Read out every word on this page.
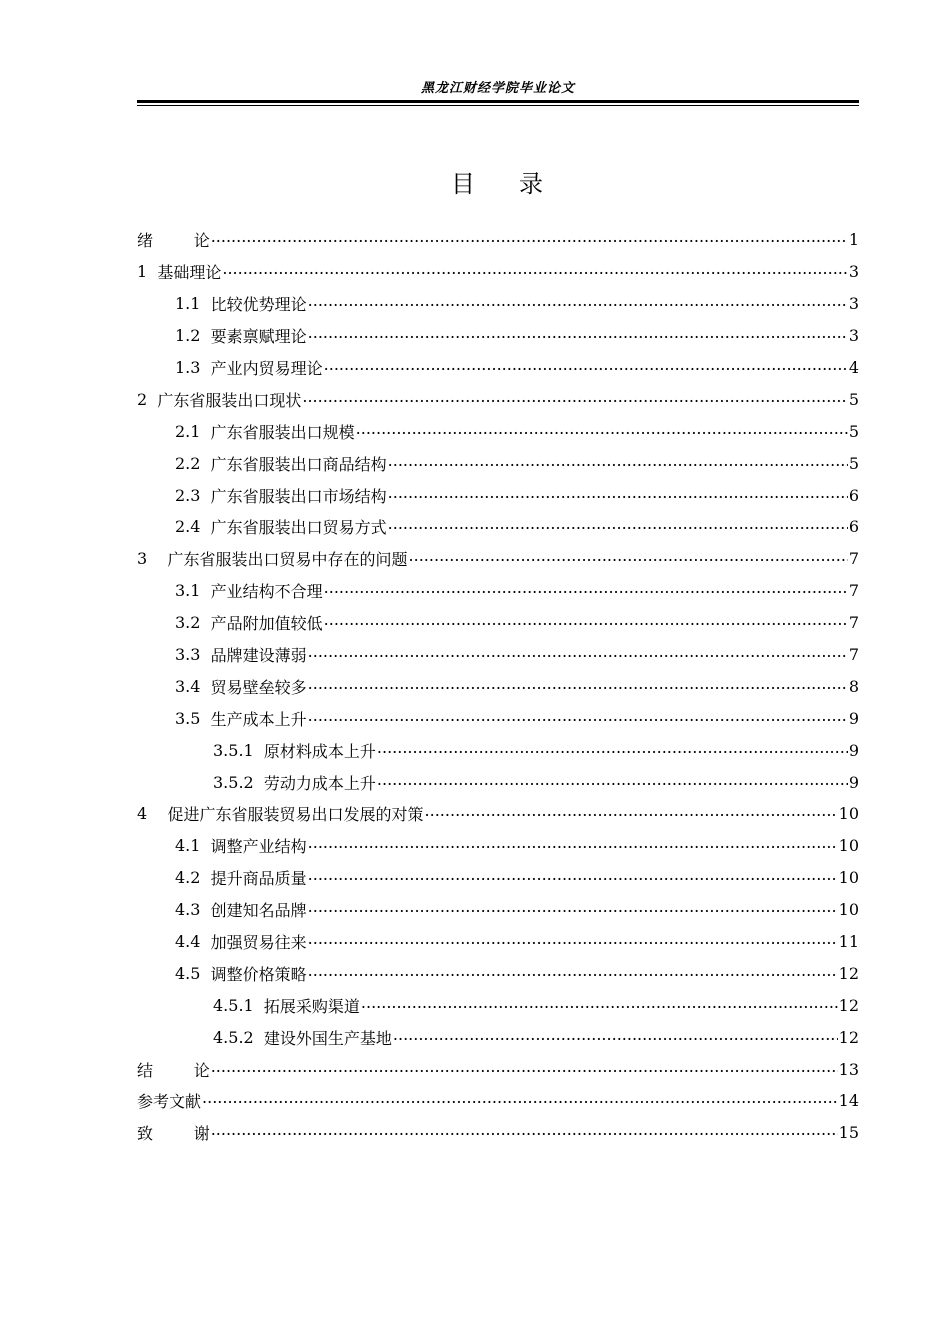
黑龙江财经学院毕业论文
目 录
绪        论 .....	1
1 基础理论 .....	3
1.1 比较优势理论 .....	3
1.2 要素禀赋理论 .....	3
1.3 产业内贸易理论 .....	4
2 广东省服装出口现状 .....	5
2.1 广东省服装出口规模 .....	5
2.2 广东省服装出口商品结构 .....	5
2.3 广东省服装出口市场结构 .....	6
2.4 广东省服装出口贸易方式 .....	6
3 广东省服装出口贸易中存在的问题 .....	7
3.1 产业结构不合理 .....	7
3.2 产品附加值较低 .....	7
3.3 品牌建设薄弱 .....	7
3.4 贸易壁垒较多 .....	8
3.5 生产成本上升 .....	9
3.5.1 原材料成本上升 .....	9
3.5.2 劳动力成本上升 .....	9
4 促进广东省服装贸易出口发展的对策 .....	10
4.1 调整产业结构 .....	10
4.2 提升商品质量 .....	10
4.3 创建知名品牌 .....	10
4.4 加强贸易往来 .....	11
4.5 调整价格策略 .....	12
4.5.1 拓展采购渠道 .....	12
4.5.2 建设外国生产基地 .....	12
结        论 .....	13
参考文献 .....	14
致        谢 .....	15
